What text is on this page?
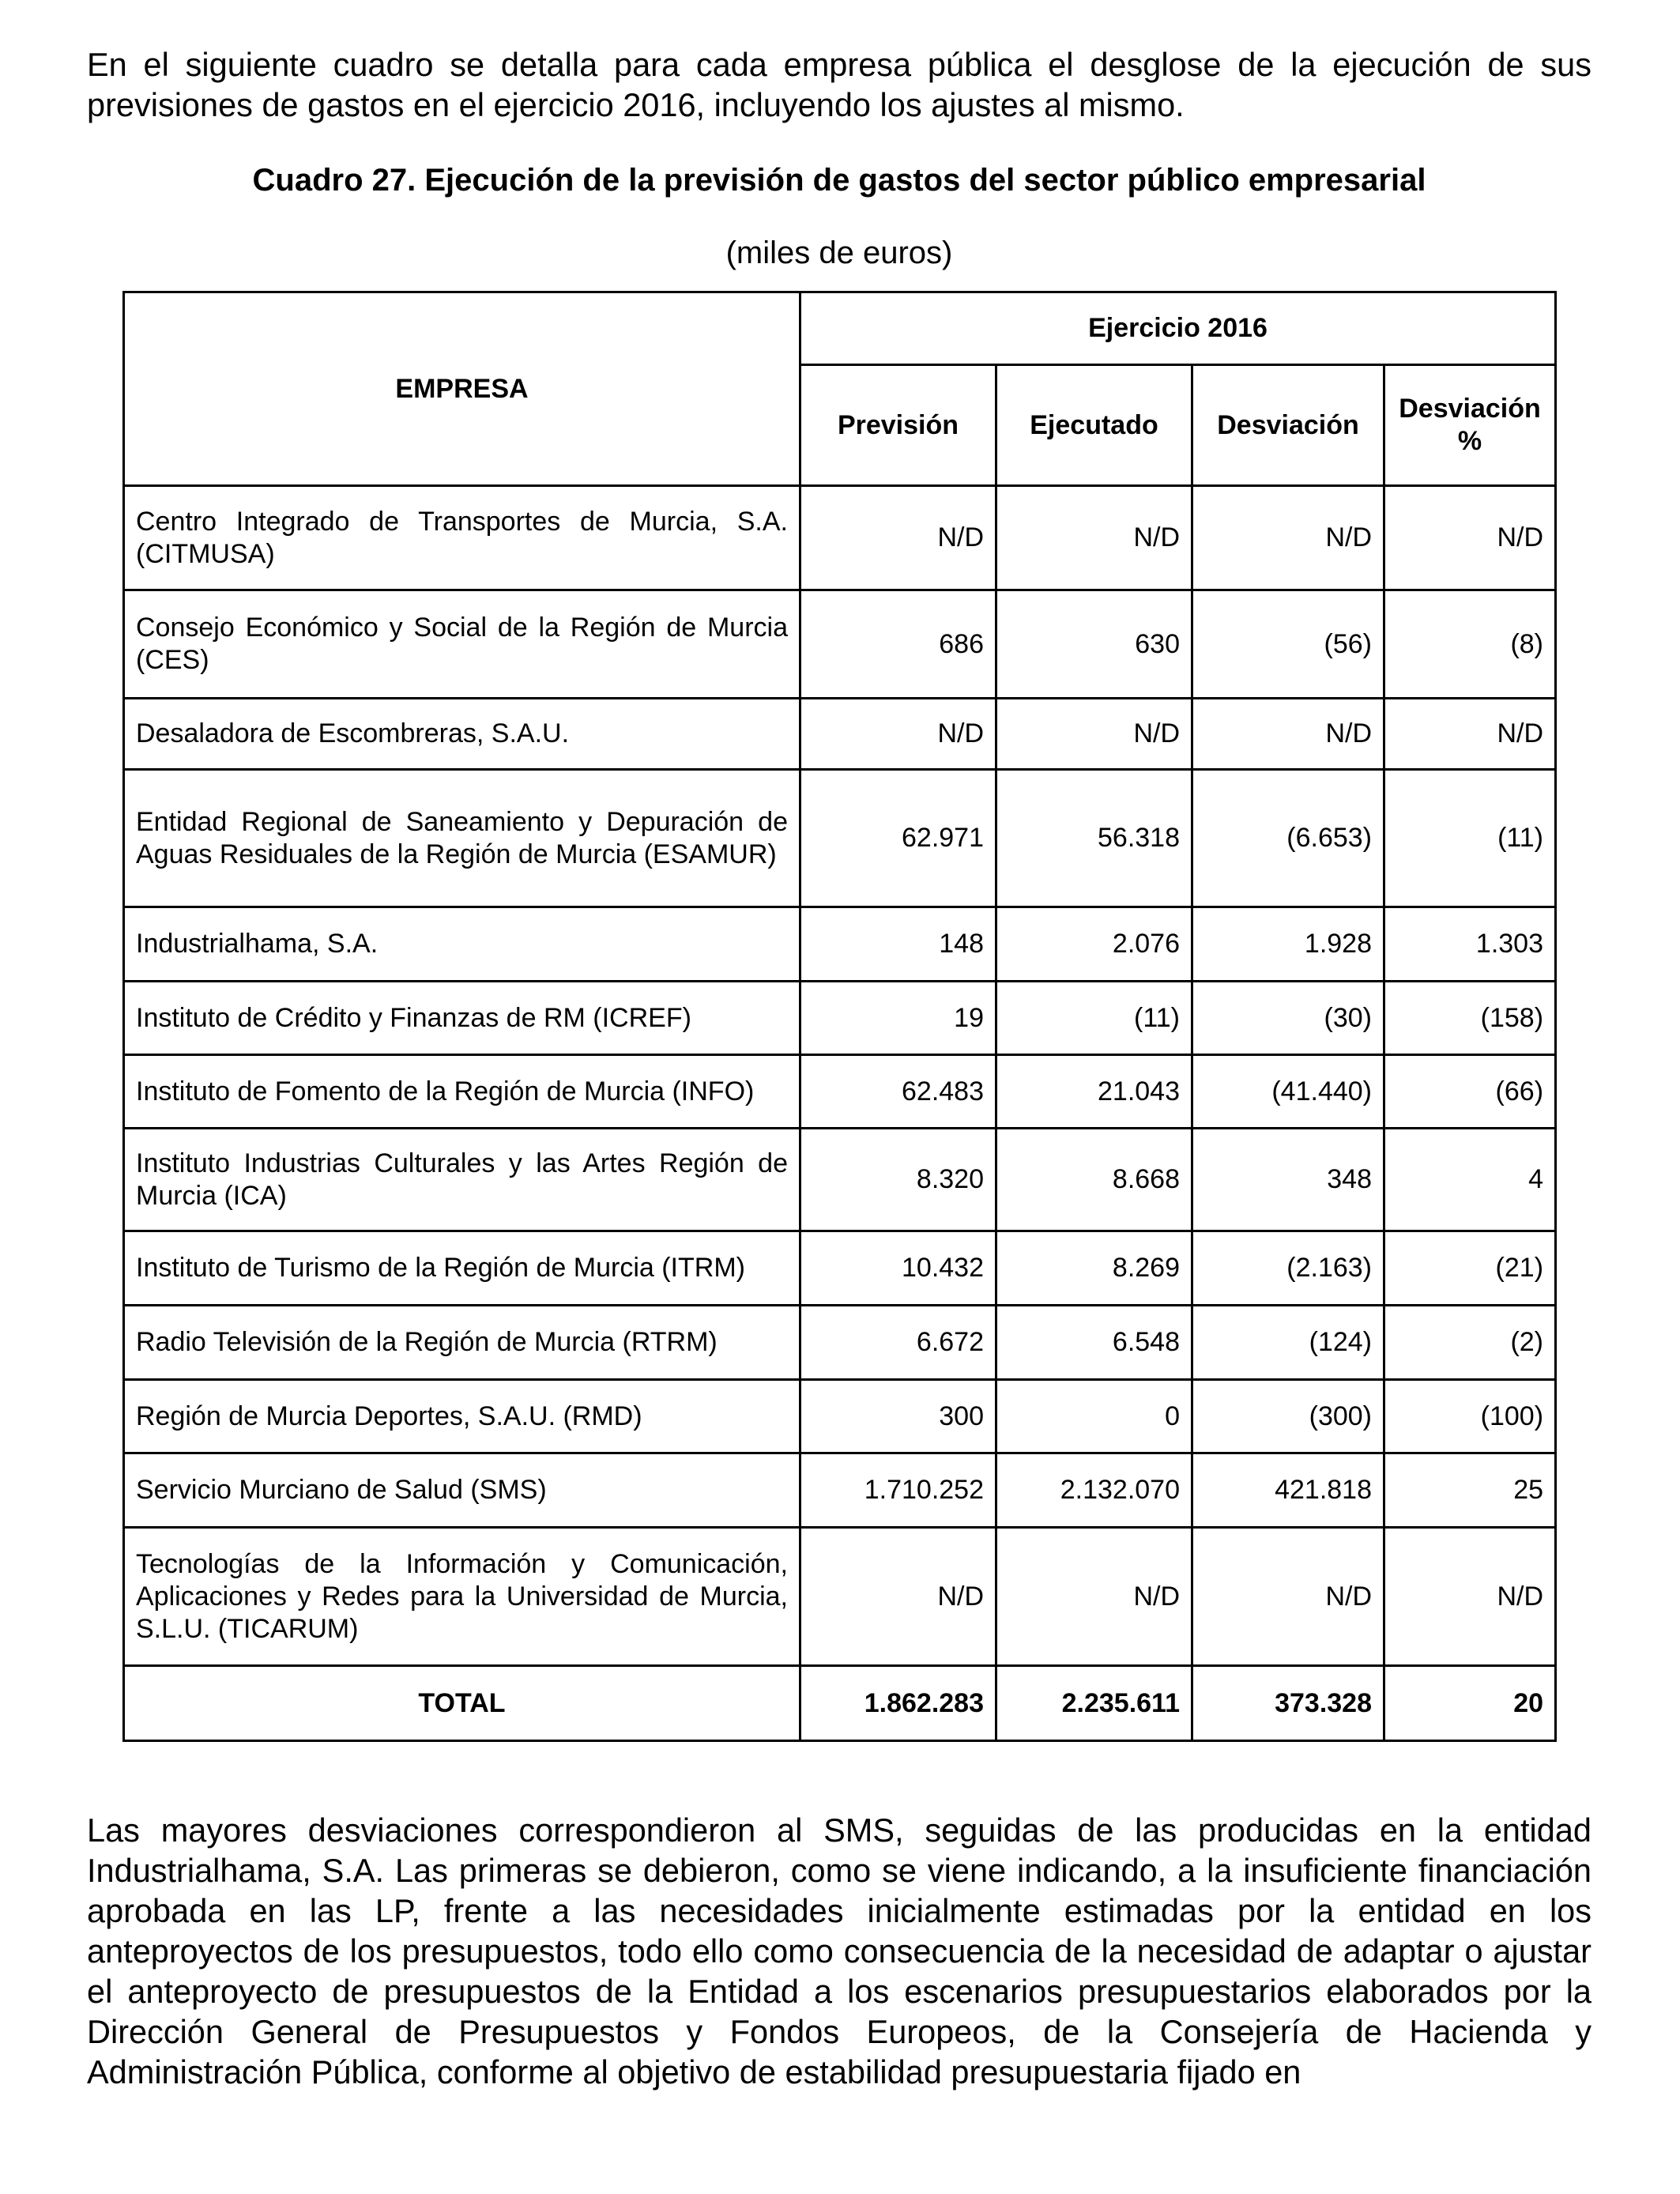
En el siguiente cuadro se detalla para cada empresa pública el desglose de la ejecución de sus previsiones de gastos en el ejercicio 2016, incluyendo los ajustes al mismo.

Cuadro 27. Ejecución de la previsión de gastos del sector público empresarial

(miles de euros)

EMPRESA	Ejercicio 2016			
	Previsión	Ejecutado	Desviación	Desviación %
Centro Integrado de Transportes de Murcia, S.A. (CITMUSA)	N/D	N/D	N/D	N/D
Consejo Económico y Social de la Región de Murcia (CES)	686	630	(56)	(8)
Desaladora de Escombreras, S.A.U.	N/D	N/D	N/D	N/D
Entidad Regional de Saneamiento y Depuración de Aguas Residuales de la Región de Murcia (ESAMUR)	62.971	56.318	(6.653)	(11)
Industrialhama, S.A.	148	2.076	1.928	1.303
Instituto de Crédito y Finanzas de RM (ICREF)	19	(11)	(30)	(158)
Instituto de Fomento de la Región de Murcia (INFO)	62.483	21.043	(41.440)	(66)
Instituto Industrias Culturales y las Artes Región de Murcia (ICA)	8.320	8.668	348	4
Instituto de Turismo de la Región de Murcia (ITRM)	10.432	8.269	(2.163)	(21)
Radio Televisión de la Región de Murcia (RTRM)	6.672	6.548	(124)	(2)
Región de Murcia Deportes, S.A.U. (RMD)	300	0	(300)	(100)
Servicio Murciano de Salud (SMS)	1.710.252	2.132.070	421.818	25
Tecnologías de la Información y Comunicación, Aplicaciones y Redes para la Universidad de Murcia, S.L.U. (TICARUM)	N/D	N/D	N/D	N/D
TOTAL	1.862.283	2.235.611	373.328	20

Las mayores desviaciones correspondieron al SMS, seguidas de las producidas en la entidad Industrialhama, S.A. Las primeras se debieron, como se viene indicando, a la insuficiente financiación aprobada en las LP, frente a las necesidades inicialmente estimadas por la entidad en los anteproyectos de los presupuestos, todo ello como consecuencia de la necesidad de adaptar o ajustar el anteproyecto de presupuestos de la Entidad a los escenarios presupuestarios elaborados por la Dirección General de Presupuestos y Fondos Europeos, de la Consejería de Hacienda y Administración Pública, conforme al objetivo de estabilidad presupuestaria fijado en
